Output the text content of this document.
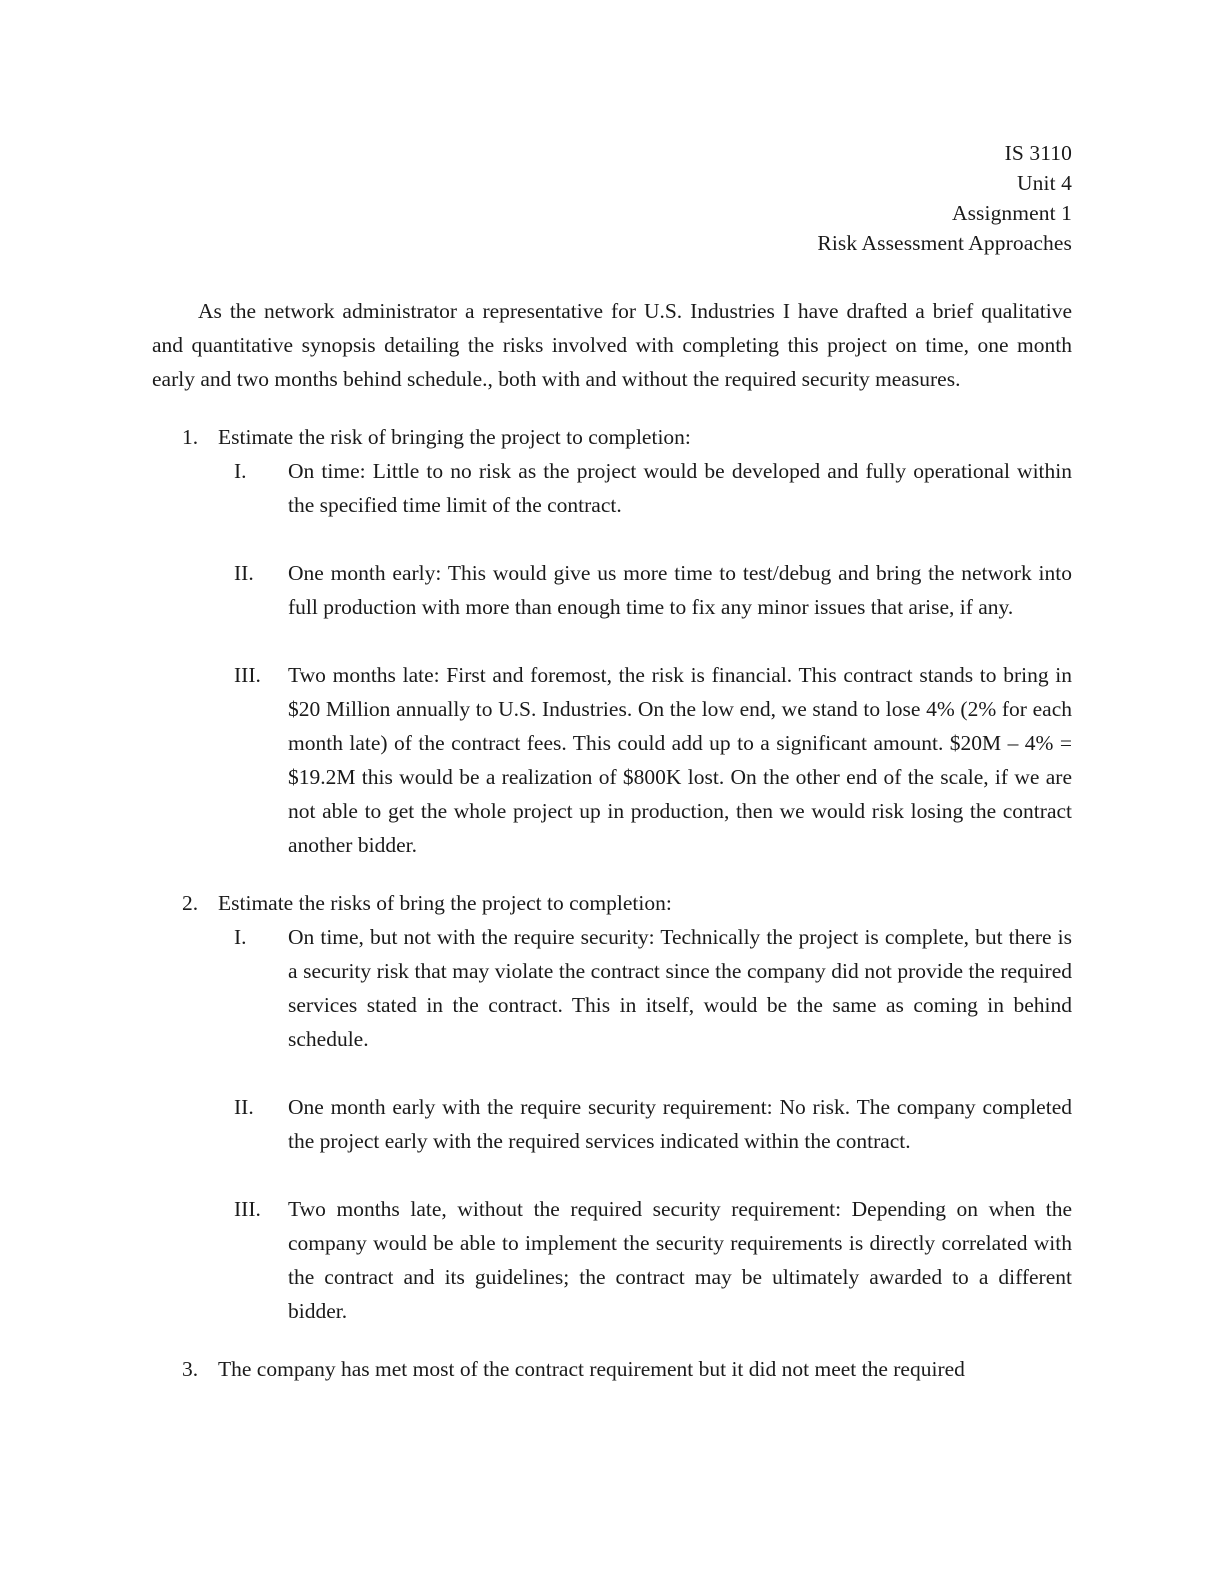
IS 3110
Unit 4
Assignment 1
Risk Assessment Approaches

As the network administrator a representative for U.S. Industries I have drafted a brief qualitative and quantitative synopsis detailing the risks involved with completing this project on time, one month early and two months behind schedule., both with and without the required security measures.

1. Estimate the risk of bringing the project to completion:
I.	On time: Little to no risk as the project would be developed and fully operational within the specified time limit of the contract.

II.	One month early: This would give us more time to test/debug and bring the network into full production with more than enough time to fix any minor issues that arise, if any.

III.	Two months late: First and foremost, the risk is financial. This contract stands to bring in $20 Million annually to U.S. Industries. On the low end, we stand to lose 4% (2% for each month late) of the contract fees. This could add up to a significant amount. $20M – 4% = $19.2M this would be a realization of $800K lost. On the other end of the scale, if we are not able to get the whole project up in production, then we would risk losing the contract another bidder.

2. Estimate the risks of bring the project to completion:
I.	On time, but not with the require security: Technically the project is complete, but there is a security risk that may violate the contract since the company did not provide the required services stated in the contract. This in itself, would be the same as coming in behind schedule.

II.	One month early with the require security requirement: No risk. The company completed the project early with the required services indicated within the contract.

III.	Two months late, without the required security requirement: Depending on when the company would be able to implement the security requirements is directly correlated with the contract and its guidelines; the contract may be ultimately awarded to a different bidder.

3. The company has met most of the contract requirement but it did not meet the required
